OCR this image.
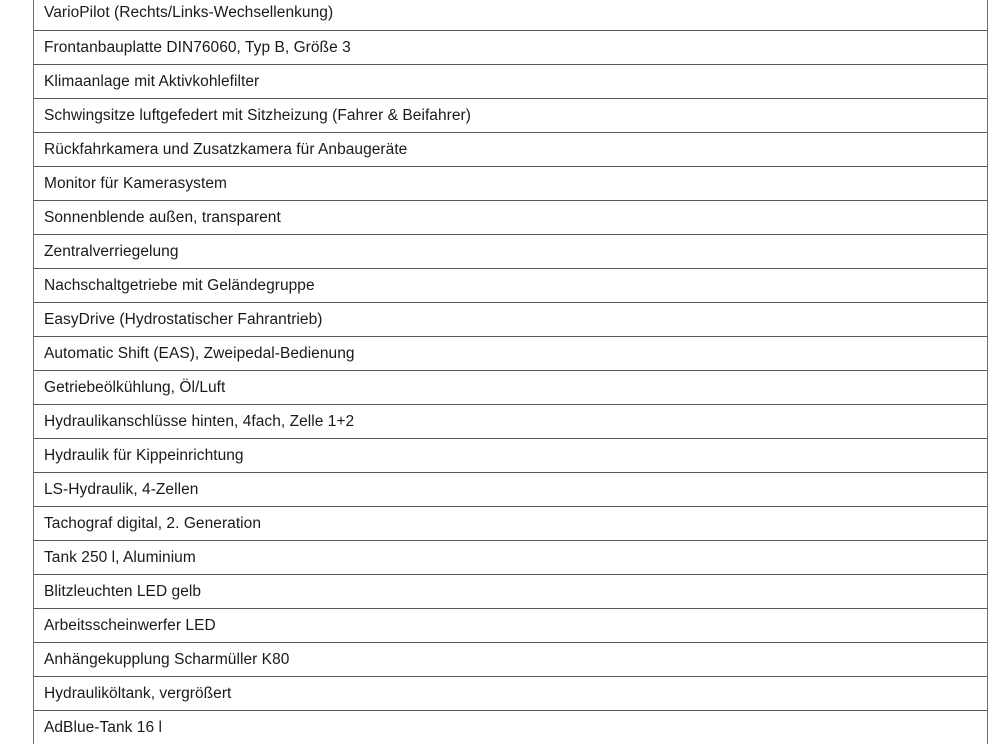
VarioPilot (Rechts/Links-Wechsellenkung)
Frontanbauplatte DIN76060, Typ B, Größe 3
Klimaanlage mit Aktivkohlefilter
Schwingsitze luftgefedert mit Sitzheizung (Fahrer & Beifahrer)
Rückfahrkamera und Zusatzkamera für Anbaugeräte
Monitor für Kamerasystem
Sonnenblende außen, transparent
Zentralverriegelung
Nachschaltgetriebe mit Geländegruppe
EasyDrive (Hydrostatischer Fahrantrieb)
Automatic Shift (EAS), Zweipedal-Bedienung
Getriebeölkühlung, Öl/Luft
Hydraulikanschlüsse hinten, 4fach, Zelle 1+2
Hydraulik für Kippeinrichtung
LS-Hydraulik, 4-Zellen
Tachograf digital, 2. Generation
Tank 250 l, Aluminium
Blitzleuchten LED gelb
Arbeitsscheinwerfer LED
Anhängekupplung Scharmüller K80
Hydrauliköltank, vergrößert
AdBlue-Tank 16 l
